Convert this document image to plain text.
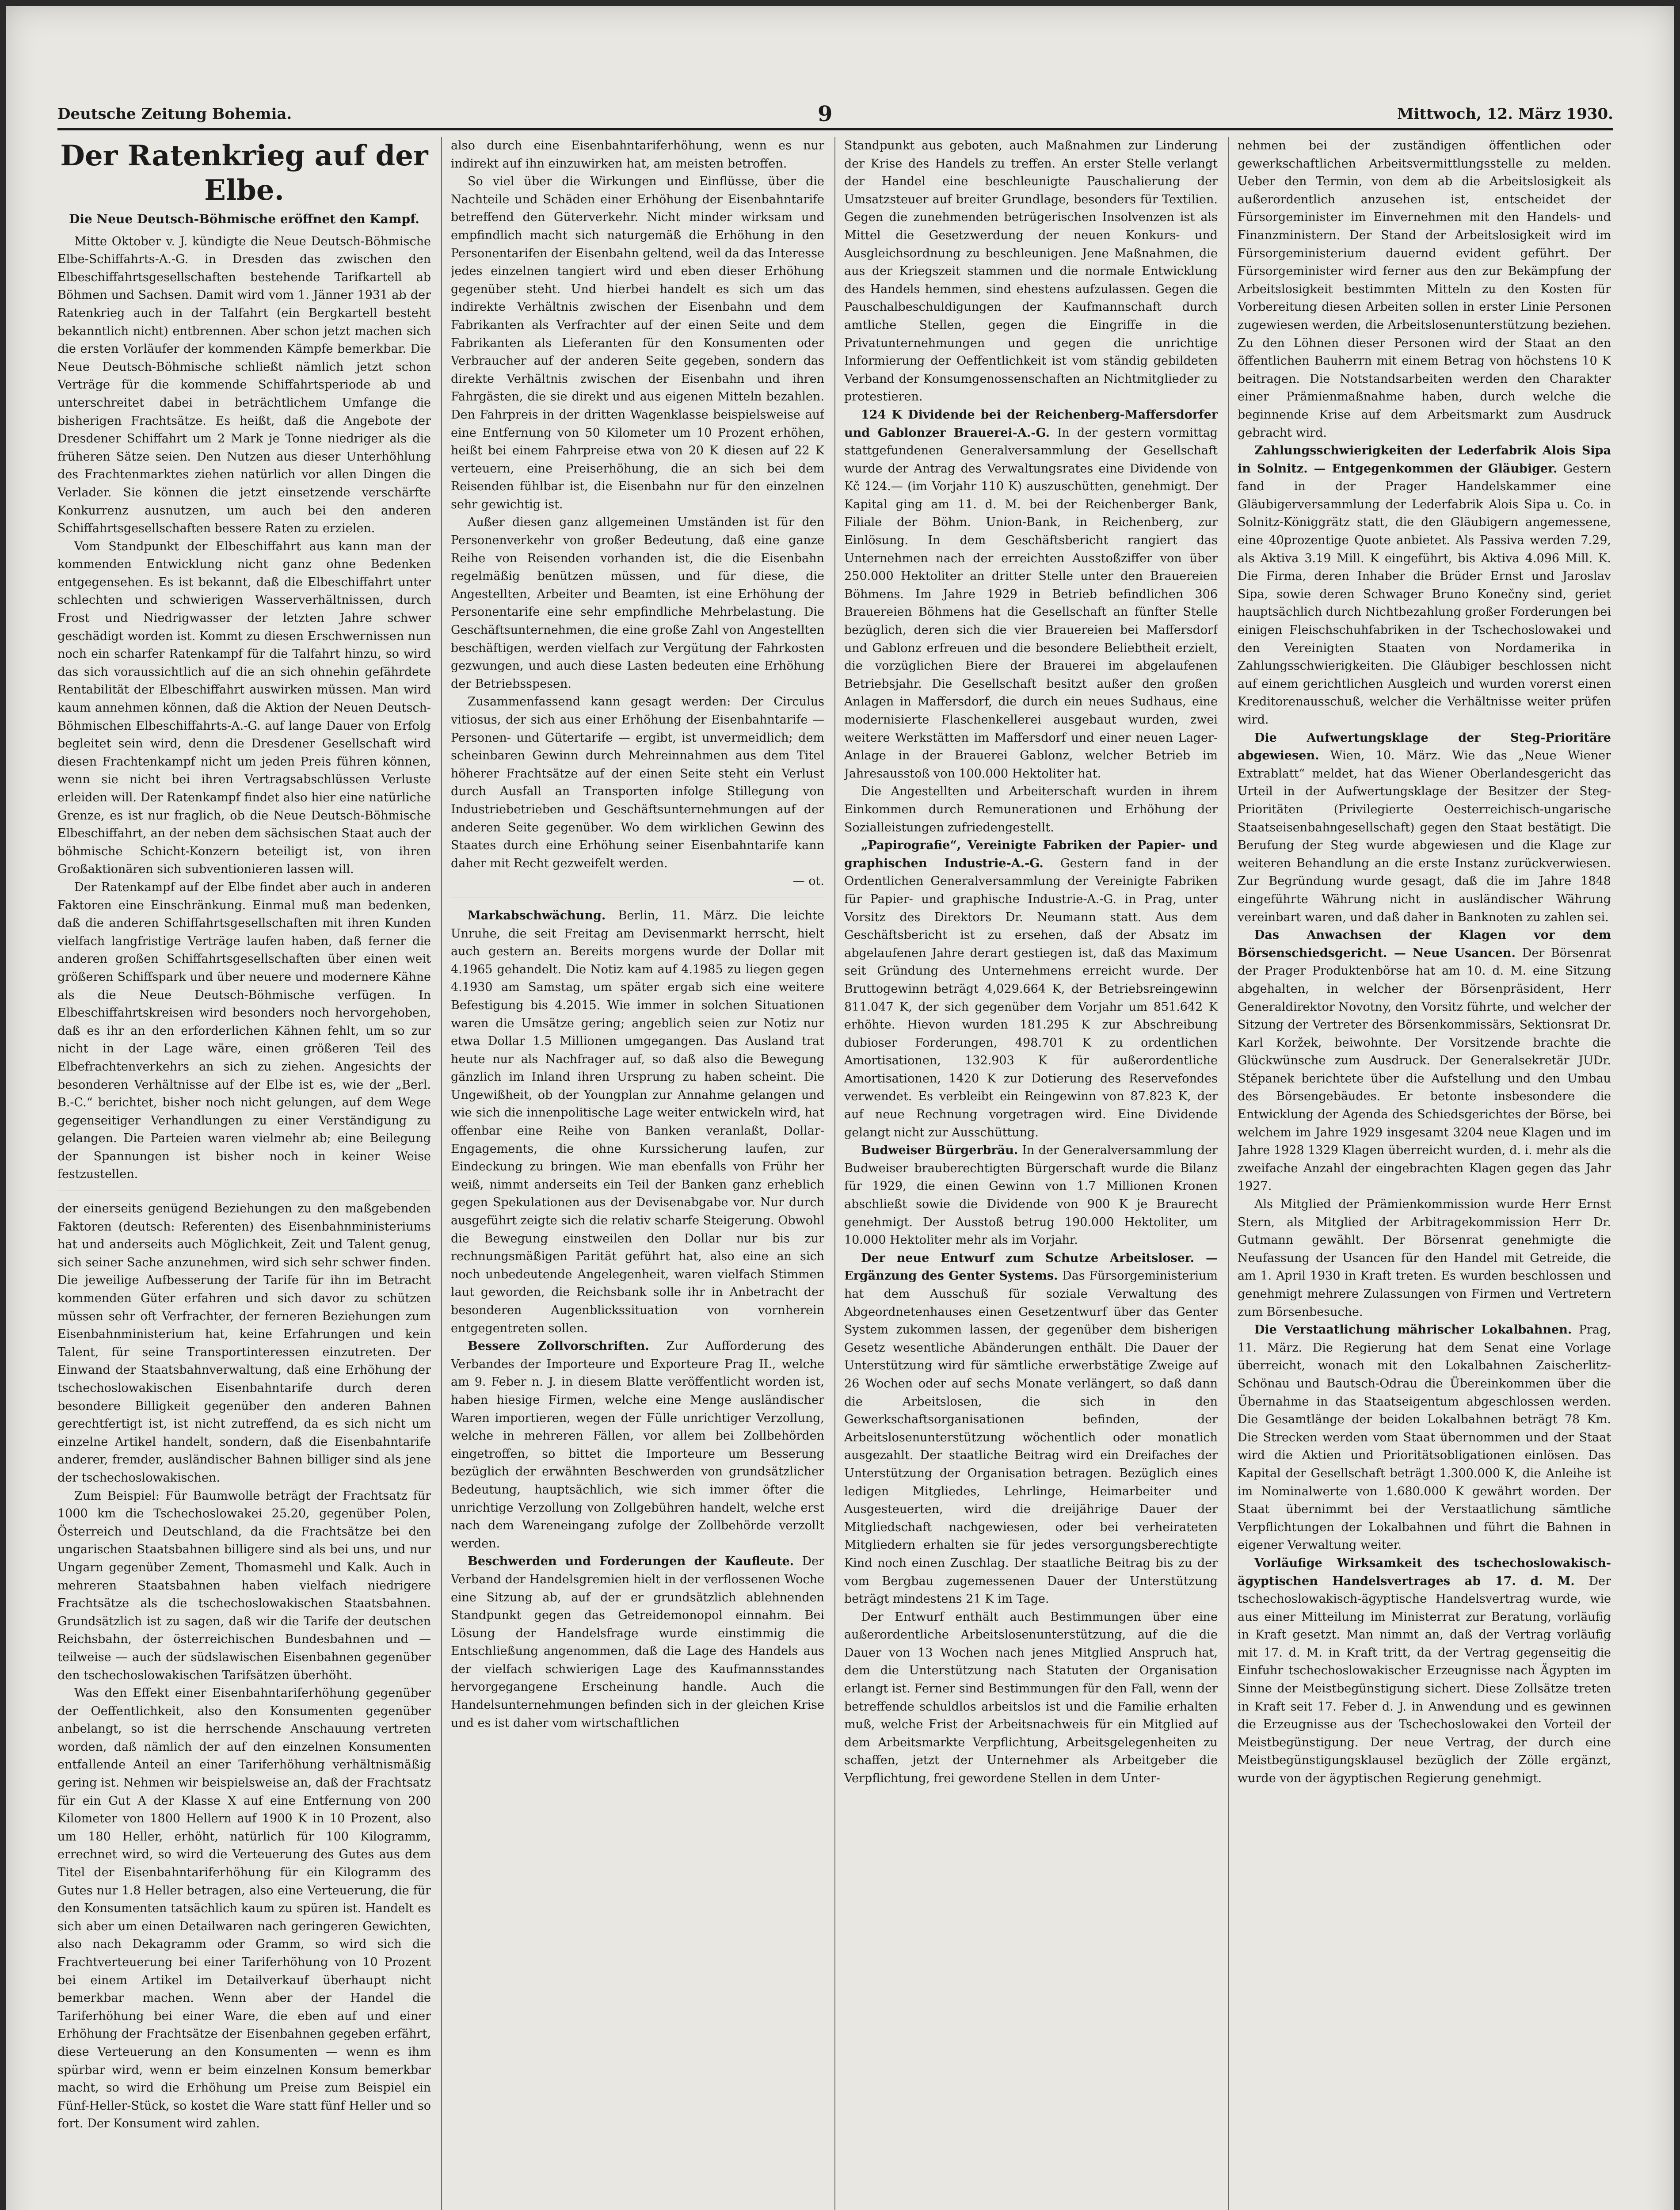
Deutsche Zeitung Bohemia.	9	Mittwoch, 12. März 1930.
Der Ratenkrieg auf der Elbe.
Die Neue Deutsch-Böhmische eröffnet den Kampf.

Mitte Oktober v. J. kündigte die Neue Deutsch-Böhmische Elbe-Schiffahrts-A.-G. in Dresden das zwischen den Elbeschiffahrtsgesellschaften bestehende Tarifkartell ab Böhmen und Sachsen. Damit wird vom 1. Jänner 1931 ab der Ratenkrieg auch in der Talfahrt (ein Bergkartell besteht bekanntlich nicht) entbrennen. Aber schon jetzt machen sich die ersten Vorläufer der kommenden Kämpfe bemerkbar. Die Neue Deutsch-Böhmische schließt nämlich jetzt schon Verträge für die kommende Schiffahrtsperiode ab und unterschreitet dabei in beträchtlichem Umfange die bisherigen Frachtsätze. Es heißt, daß die Angebote der Dresdener Schiffahrt um 2 Mark je Tonne niedriger als die früheren Sätze seien. Den Nutzen aus dieser Unterhöhlung des Frachtenmarktes ziehen natürlich vor allen Dingen die Verlader. Sie können die jetzt einsetzende verschärfte Konkurrenz ausnutzen, um auch bei den anderen Schiffahrtsgesellschaften bessere Raten zu erzielen.

Vom Standpunkt der Elbeschiffahrt aus kann man der kommenden Entwicklung nicht ganz ohne Bedenken entgegensehen. Es ist bekannt, daß die Elbeschiffahrt unter schlechten und schwierigen Wasserverhältnissen, durch Frost und Niedrigwasser der letzten Jahre schwer geschädigt worden ist. Kommt zu diesen Erschwernissen nun noch ein scharfer Ratenkampf für die Talfahrt hinzu, so wird das sich voraussichtlich auf die an sich ohnehin gefährdete Rentabilität der Elbeschiffahrt auswirken müssen. Man wird kaum annehmen können, daß die Aktion der Neuen Deutsch-Böhmischen Elbeschiffahrts-A.-G. auf lange Dauer von Erfolg begleitet sein wird, denn die Dresdener Gesellschaft wird diesen Frachtenkampf nicht um jeden Preis führen können, wenn sie nicht bei ihren Vertragsabschlüssen Verluste erleiden will. Der Ratenkampf findet also hier eine natürliche Grenze, es ist nur fraglich, ob die Neue Deutsch-Böhmische Elbeschiffahrt, an der neben dem sächsischen Staat auch der böhmische Schicht-Konzern beteiligt ist, von ihren Großaktionären sich subventionieren lassen will.

Der Ratenkampf auf der Elbe findet aber auch in anderen Faktoren eine Einschränkung. Einmal muß man bedenken, daß die anderen Schiffahrtsgesellschaften mit ihren Kunden vielfach langfristige Verträge laufen haben, daß ferner die anderen großen Schiffahrtsgesellschaften über einen weit größeren Schiffspark und über neuere und modernere Kähne als die Neue Deutsch-Böhmische verfügen. In Elbeschiffahrtskreisen wird besonders noch hervorgehoben, daß es ihr an den erforderlichen Kähnen fehlt, um so zur nicht in der Lage wäre, einen größeren Teil des Elbefrachtenverkehrs an sich zu ziehen. Angesichts der besonderen Verhältnisse auf der Elbe ist es, wie der „Berl. B.-C.“ berichtet, bisher noch nicht gelungen, auf dem Wege gegenseitiger Verhandlungen zu einer Verständigung zu gelangen. Die Parteien waren vielmehr ab; eine Beilegung der Spannungen ist bisher noch in keiner Weise festzustellen.

der einerseits genügend Beziehungen zu den maßgebenden Faktoren (deutsch: Referenten) des Eisenbahnministeriums hat und anderseits auch Möglichkeit, Zeit und Talent genug, sich seiner Sache anzunehmen, wird sich sehr schwer finden. Die jeweilige Aufbesserung der Tarife für ihn im Betracht kommenden Güter erfahren und sich davor zu schützen müssen sehr oft Verfrachter, der ferneren Beziehungen zum Eisenbahnministerium hat, keine Erfahrungen und kein Talent, für seine Transportinteressen einzutreten. Der Einwand der Staatsbahnverwaltung, daß eine Erhöhung der tschechoslowakischen Eisenbahntarife durch deren besondere Billigkeit gegenüber den anderen Bahnen gerechtfertigt ist, ist nicht zutreffend, da es sich nicht um einzelne Artikel handelt, sondern, daß die Eisenbahntarife anderer, fremder, ausländischer Bahnen billiger sind als jene der tschechoslowakischen.

Zum Beispiel: Für Baumwolle beträgt der Frachtsatz für 1000 km die Tschechoslowakei 25.20, gegenüber Polen, Österreich und Deutschland, da die Frachtsätze bei den ungarischen Staatsbahnen billigere sind als bei uns, und nur Ungarn gegenüber Zement, Thomasmehl und Kalk. Auch in mehreren Staatsbahnen haben vielfach niedrigere Frachtsätze als die tschechoslowakischen Staatsbahnen. Grundsätzlich ist zu sagen, daß wir die Tarife der deutschen Reichsbahn, der österreichischen Bundesbahnen und — teilweise — auch der südslawischen Eisenbahnen gegenüber den tschechoslowakischen Tarifsätzen überhöht.

Was den Effekt einer Eisenbahntariferhöhung gegenüber der Oeffentlichkeit, also den Konsumenten gegenüber anbelangt, so ist die herrschende Anschauung vertreten worden, daß nämlich der auf den einzelnen Konsumenten entfallende Anteil an einer Tariferhöhung verhältnismäßig gering ist. Nehmen wir beispielsweise an, daß der Frachtsatz für ein Gut A der Klasse X auf eine Entfernung von 200 Kilometer von 1800 Hellern auf 1900 K in 10 Prozent, also um 180 Heller, erhöht, natürlich für 100 Kilogramm, errechnet wird, so wird die Verteuerung des Gutes aus dem Titel der Eisenbahntariferhöhung für ein Kilogramm des Gutes nur 1.8 Heller betragen, also eine Verteuerung, die für den Konsumenten tatsächlich kaum zu spüren ist. Handelt es sich aber um einen Detailwaren nach geringeren Gewichten, also nach Dekagramm oder Gramm, so wird sich die Frachtverteuerung bei einer Tariferhöhung von 10 Prozent bei einem Artikel im Detailverkauf überhaupt nicht bemerkbar machen. Wenn aber der Handel die Tariferhöhung bei einer Ware, die eben auf und einer Erhöhung der Frachtsätze der Eisenbahnen gegeben erfährt, diese Verteuerung an den Konsumenten — wenn es ihm spürbar wird, wenn er beim einzelnen Konsum bemerkbar macht, so wird die Erhöhung um Preise zum Beispiel ein Fünf-Heller-Stück, so kostet die Ware statt fünf Heller und so fort. Der Konsument wird zahlen.

also durch eine Eisenbahntariferhöhung, wenn es nur indirekt auf ihn einzuwirken hat, am meisten betroffen.

So viel über die Wirkungen und Einflüsse, über die Nachteile und Schäden einer Erhöhung der Eisenbahntarife betreffend den Güterverkehr. Nicht minder wirksam und empfindlich macht sich naturgemäß die Erhöhung in den Personentarifen der Eisenbahn geltend, weil da das Interesse jedes einzelnen tangiert wird und eben dieser Erhöhung gegenüber steht. Und hierbei handelt es sich um das indirekte Verhältnis zwischen der Eisenbahn und dem Fabrikanten als Verfrachter auf der einen Seite und dem Fabrikanten als Lieferanten für den Konsumenten oder Verbraucher auf der anderen Seite gegeben, sondern das direkte Verhältnis zwischen der Eisenbahn und ihren Fahrgästen, die sie direkt und aus eigenen Mitteln bezahlen. Den Fahrpreis in der dritten Wagenklasse beispielsweise auf eine Entfernung von 50 Kilometer um 10 Prozent erhöhen, heißt bei einem Fahrpreise etwa von 20 K diesen auf 22 K verteuern, eine Preiserhöhung, die an sich bei dem Reisenden fühlbar ist, die Eisenbahn nur für den einzelnen sehr gewichtig ist.

Außer diesen ganz allgemeinen Umständen ist für den Personenverkehr von großer Bedeutung, daß eine ganze Reihe von Reisenden vorhanden ist, die die Eisenbahn regelmäßig benützen müssen, und für diese, die Angestellten, Arbeiter und Beamten, ist eine Erhöhung der Personentarife eine sehr empfindliche Mehrbelastung. Die Geschäftsunternehmen, die eine große Zahl von Angestellten beschäftigen, werden vielfach zur Vergütung der Fahrkosten gezwungen, und auch diese Lasten bedeuten eine Erhöhung der Betriebsspesen.

Zusammenfassend kann gesagt werden: Der Circulus vitiosus, der sich aus einer Erhöhung der Eisenbahntarife — Personen- und Gütertarife — ergibt, ist unvermeidlich; dem scheinbaren Gewinn durch Mehreinnahmen aus dem Titel höherer Frachtsätze auf der einen Seite steht ein Verlust durch Ausfall an Transporten infolge Stillegung von Industriebetrieben und Geschäftsunternehmungen auf der anderen Seite gegenüber. Wo dem wirklichen Gewinn des Staates durch eine Erhöhung seiner Eisenbahntarife kann daher mit Recht gezweifelt werden.

— ot.

Markabschwächung. Berlin, 11. März. Die leichte Unruhe, die seit Freitag am Devisenmarkt herrscht, hielt auch gestern an. Bereits morgens wurde der Dollar mit 4.1965 gehandelt. Die Notiz kam auf 4.1985 zu liegen gegen 4.1930 am Samstag, um später ergab sich eine weitere Befestigung bis 4.2015. Wie immer in solchen Situationen waren die Umsätze gering; angeblich seien zur Notiz nur etwa Dollar 1.5 Millionen umgegangen. Das Ausland trat heute nur als Nachfrager auf, so daß also die Bewegung gänzlich im Inland ihren Ursprung zu haben scheint. Die Ungewißheit, ob der Youngplan zur Annahme gelangen und wie sich die innenpolitische Lage weiter entwickeln wird, hat offenbar eine Reihe von Banken veranlaßt, Dollar-Engagements, die ohne Kurssicherung laufen, zur Eindeckung zu bringen. Wie man ebenfalls von Frühr her weiß, nimmt anderseits ein Teil der Banken ganz erheblich gegen Spekulationen aus der Devisenabgabe vor. Nur durch ausgeführt zeigte sich die relativ scharfe Steigerung. Obwohl die Bewegung einstweilen den Dollar nur bis zur rechnungsmäßigen Parität geführt hat, also eine an sich noch unbedeutende Angelegenheit, waren vielfach Stimmen laut geworden, die Reichsbank solle ihr in Anbetracht der besonderen Augenblickssituation von vornherein entgegentreten sollen.

Bessere Zollvorschriften. Zur Aufforderung des Verbandes der Importeure und Exporteure Prag II., welche am 9. Feber n. J. in diesem Blatte veröffentlicht worden ist, haben hiesige Firmen, welche eine Menge ausländischer Waren importieren, wegen der Fülle unrichtiger Verzollung, welche in mehreren Fällen, vor allem bei Zollbehörden eingetroffen, so bittet die Importeure um Besserung bezüglich der erwähnten Beschwerden von grundsätzlicher Bedeutung, hauptsächlich, wie sich immer öfter die unrichtige Verzollung von Zollgebühren handelt, welche erst nach dem Wareneingang zufolge der Zollbehörde verzollt werden.

Beschwerden und Forderungen der Kaufleute. Der Verband der Handelsgremien hielt in der verflossenen Woche eine Sitzung ab, auf der er grundsätzlich ablehnenden Standpunkt gegen das Getreidemonopol einnahm. Bei Lösung der Handelsfrage wurde einstimmig die Entschließung angenommen, daß die Lage des Handels aus der vielfach schwierigen Lage des Kaufmannsstandes hervorgegangene Erscheinung handle. Auch die Handelsunternehmungen befinden sich in der gleichen Krise und es ist daher vom wirtschaftlichen

Standpunkt aus geboten, auch Maßnahmen zur Linderung der Krise des Handels zu treffen. An erster Stelle verlangt der Handel eine beschleunigte Pauschalierung der Umsatzsteuer auf breiter Grundlage, besonders für Textilien. Gegen die zunehmenden betrügerischen Insolvenzen ist als Mittel die Gesetzwerdung der neuen Konkurs- und Ausgleichsordnung zu beschleunigen. Jene Maßnahmen, die aus der Kriegszeit stammen und die normale Entwicklung des Handels hemmen, sind ehestens aufzulassen. Gegen die Pauschalbeschuldigungen der Kaufmannschaft durch amtliche Stellen, gegen die Eingriffe in die Privatunternehmungen und gegen die unrichtige Informierung der Oeffentlichkeit ist vom ständig gebildeten Verband der Konsumgenossenschaften an Nichtmitglieder zu protestieren.

124 K Dividende bei der Reichenberg-Maffersdorfer und Gablonzer Brauerei-A.-G. In der gestern vormittag stattgefundenen Generalversammlung der Gesellschaft wurde der Antrag des Verwaltungsrates eine Dividende von Kč 124.— (im Vorjahr 110 K) auszuschütten, genehmigt. Der Kapital ging am 11. d. M. bei der Reichenberger Bank, Filiale der Böhm. Union-Bank, in Reichenberg, zur Einlösung. In dem Geschäftsbericht rangiert das Unternehmen nach der erreichten Ausstoßziffer von über 250.000 Hektoliter an dritter Stelle unter den Brauereien Böhmens. Im Jahre 1929 in Betrieb befindlichen 306 Brauereien Böhmens hat die Gesellschaft an fünfter Stelle bezüglich, deren sich die vier Brauereien bei Maffersdorf und Gablonz erfreuen und die besondere Beliebtheit erzielt, die vorzüglichen Biere der Brauerei im abgelaufenen Betriebsjahr. Die Gesellschaft besitzt außer den großen Anlagen in Maffersdorf, die durch ein neues Sudhaus, eine modernisierte Flaschenkellerei ausgebaut wurden, zwei weitere Werkstätten im Maffersdorf und einer neuen Lager-Anlage in der Brauerei Gablonz, welcher Betrieb im Jahresausstoß von 100.000 Hektoliter hat.

Die Angestellten und Arbeiterschaft wurden in ihrem Einkommen durch Remunerationen und Erhöhung der Sozialleistungen zufriedengestellt.

„Papirografie“, Vereinigte Fabriken der Papier- und graphischen Industrie-A.-G. Gestern fand in der Ordentlichen Generalversammlung der Vereinigte Fabriken für Papier- und graphische Industrie-A.-G. in Prag, unter Vorsitz des Direktors Dr. Neumann statt. Aus dem Geschäftsbericht ist zu ersehen, daß der Absatz im abgelaufenen Jahre derart gestiegen ist, daß das Maximum seit Gründung des Unternehmens erreicht wurde. Der Bruttogewinn beträgt 4,029.664 K, der Betriebsreingewinn 811.047 K, der sich gegenüber dem Vorjahr um 851.642 K erhöhte. Hievon wurden 181.295 K zur Abschreibung dubioser Forderungen, 498.701 K zu ordentlichen Amortisationen, 132.903 K für außerordentliche Amortisationen, 1420 K zur Dotierung des Reservefondes verwendet. Es verbleibt ein Reingewinn von 87.823 K, der auf neue Rechnung vorgetragen wird. Eine Dividende gelangt nicht zur Ausschüttung.

Budweiser Bürgerbräu. In der Generalversammlung der Budweiser brauberechtigten Bürgerschaft wurde die Bilanz für 1929, die einen Gewinn von 1.7 Millionen Kronen abschließt sowie die Dividende von 900 K je Braurecht genehmigt. Der Ausstoß betrug 190.000 Hektoliter, um 10.000 Hektoliter mehr als im Vorjahr.

Der neue Entwurf zum Schutze Arbeitsloser. — Ergänzung des Genter Systems. Das Fürsorgeministerium hat dem Ausschuß für soziale Verwaltung des Abgeordnetenhauses einen Gesetzentwurf über das Genter System zukommen lassen, der gegenüber dem bisherigen Gesetz wesentliche Abänderungen enthält. Die Dauer der Unterstützung wird für sämtliche erwerbstätige Zweige auf 26 Wochen oder auf sechs Monate verlängert, so daß dann die Arbeitslosen, die sich in den Gewerkschaftsorganisationen befinden, der Arbeitslosenunterstützung wöchentlich oder monatlich ausgezahlt. Der staatliche Beitrag wird ein Dreifaches der Unterstützung der Organisation betragen. Bezüglich eines ledigen Mitgliedes, Lehrlinge, Heimarbeiter und Ausgesteuerten, wird die dreijährige Dauer der Mitgliedschaft nachgewiesen, oder bei verheirateten Mitgliedern erhalten sie für jedes versorgungsberechtigte Kind noch einen Zuschlag. Der staatliche Beitrag bis zu der vom Bergbau zugemessenen Dauer der Unterstützung beträgt mindestens 21 K im Tage.

Der Entwurf enthält auch Bestimmungen über eine außerordentliche Arbeitslosenunterstützung, auf die die Dauer von 13 Wochen nach jenes Mitglied Anspruch hat, dem die Unterstützung nach Statuten der Organisation erlangt ist. Ferner sind Bestimmungen für den Fall, wenn der betreffende schuldlos arbeitslos ist und die Familie erhalten muß, welche Frist der Arbeitsnachweis für ein Mitglied auf dem Arbeitsmarkte Verpflichtung, Arbeitsgelegenheiten zu schaffen, jetzt der Unternehmer als Arbeitgeber die Verpflichtung, frei gewordene Stellen in dem Unter-

nehmen bei der zuständigen öffentlichen oder gewerkschaftlichen Arbeitsvermittlungsstelle zu melden. Ueber den Termin, von dem ab die Arbeitslosigkeit als außerordentlich anzusehen ist, entscheidet der Fürsorgeminister im Einvernehmen mit den Handels- und Finanzministern. Der Stand der Arbeitslosigkeit wird im Fürsorgeministerium dauernd evident geführt. Der Fürsorgeminister wird ferner aus den zur Bekämpfung der Arbeitslosigkeit bestimmten Mitteln zu den Kosten für Vorbereitung diesen Arbeiten sollen in erster Linie Personen zugewiesen werden, die Arbeitslosenunterstützung beziehen. Zu den Löhnen dieser Personen wird der Staat an den öffentlichen Bauherrn mit einem Betrag von höchstens 10 K beitragen. Die Notstandsarbeiten werden den Charakter einer Prämienmaßnahme haben, durch welche die beginnende Krise auf dem Arbeitsmarkt zum Ausdruck gebracht wird.

Zahlungsschwierigkeiten der Lederfabrik Alois Sipa in Solnitz. — Entgegenkommen der Gläubiger. Gestern fand in der Prager Handelskammer eine Gläubigerversammlung der Lederfabrik Alois Sipa u. Co. in Solnitz-Königgrätz statt, die den Gläubigern angemessene, eine 40prozentige Quote anbietet. Als Passiva werden 7.29, als Aktiva 3.19 Mill. K eingeführt, bis Aktiva 4.096 Mill. K. Die Firma, deren Inhaber die Brüder Ernst und Jaroslav Sipa, sowie deren Schwager Bruno Konečny sind, geriet hauptsächlich durch Nichtbezahlung großer Forderungen bei einigen Fleischschuhfabriken in der Tschechoslowakei und den Vereinigten Staaten von Nordamerika in Zahlungsschwierigkeiten. Die Gläubiger beschlossen nicht auf einem gerichtlichen Ausgleich und wurden vorerst einen Kreditorenausschuß, welcher die Verhältnisse weiter prüfen wird.

Die Aufwertungsklage der Steg-Prioritäre abgewiesen. Wien, 10. März. Wie das „Neue Wiener Extrablatt“ meldet, hat das Wiener Oberlandesgericht das Urteil in der Aufwertungsklage der Besitzer der Steg-Prioritäten (Privilegierte Oesterreichisch-ungarische Staatseisenbahngesellschaft) gegen den Staat bestätigt. Die Berufung der Steg wurde abgewiesen und die Klage zur weiteren Behandlung an die erste Instanz zurückverwiesen. Zur Begründung wurde gesagt, daß die im Jahre 1848 eingeführte Währung nicht in ausländischer Währung vereinbart waren, und daß daher in Banknoten zu zahlen sei.

Das Anwachsen der Klagen vor dem Börsenschiedsgericht. — Neue Usancen. Der Börsenrat der Prager Produktenbörse hat am 10. d. M. eine Sitzung abgehalten, in welcher der Börsenpräsident, Herr Generaldirektor Novotny, den Vorsitz führte, und welcher der Sitzung der Vertreter des Börsenkommissärs, Sektionsrat Dr. Karl Koržek, beiwohnte. Der Vorsitzende brachte die Glückwünsche zum Ausdruck. Der Generalsekretär JUDr. Stěpanek berichtete über die Aufstellung und den Umbau des Börsengebäudes. Er betonte insbesondere die Entwicklung der Agenda des Schiedsgerichtes der Börse, bei welchem im Jahre 1929 insgesamt 3204 neue Klagen und im Jahre 1928 1329 Klagen überreicht wurden, d. i. mehr als die zweifache Anzahl der eingebrachten Klagen gegen das Jahr 1927.

Als Mitglied der Prämienkommission wurde Herr Ernst Stern, als Mitglied der Arbitragekommission Herr Dr. Gutmann gewählt. Der Börsenrat genehmigte die Neufassung der Usancen für den Handel mit Getreide, die am 1. April 1930 in Kraft treten. Es wurden beschlossen und genehmigt mehrere Zulassungen von Firmen und Vertretern zum Börsenbesuche.

Die Verstaatlichung mährischer Lokalbahnen. Prag, 11. März. Die Regierung hat dem Senat eine Vorlage überreicht, wonach mit den Lokalbahnen Zaischerlitz-Schönau und Bautsch-Odrau die Übereinkommen über die Übernahme in das Staatseigentum abgeschlossen werden. Die Gesamtlänge der beiden Lokalbahnen beträgt 78 Km. Die Strecken werden vom Staat übernommen und der Staat wird die Aktien und Prioritätsobligationen einlösen. Das Kapital der Gesellschaft beträgt 1.300.000 K, die Anleihe ist im Nominalwerte von 1.680.000 K gewährt worden. Der Staat übernimmt bei der Verstaatlichung sämtliche Verpflichtungen der Lokalbahnen und führt die Bahnen in eigener Verwaltung weiter.

Vorläufige Wirksamkeit des tschechoslowakisch-ägyptischen Handelsvertrages ab 17. d. M. Der tschechoslowakisch-ägyptische Handelsvertrag wurde, wie aus einer Mitteilung im Ministerrat zur Beratung, vorläufig in Kraft gesetzt. Man nimmt an, daß der Vertrag vorläufig mit 17. d. M. in Kraft tritt, da der Vertrag gegenseitig die Einfuhr tschechoslowakischer Erzeugnisse nach Ägypten im Sinne der Meistbegünstigung sichert. Diese Zollsätze treten in Kraft seit 17. Feber d. J. in Anwendung und es gewinnen die Erzeugnisse aus der Tschechoslowakei den Vorteil der Meistbegünstigung. Der neue Vertrag, der durch eine Meistbegünstigungsklausel bezüglich der Zölle ergänzt, wurde von der ägyptischen Regierung genehmigt.
